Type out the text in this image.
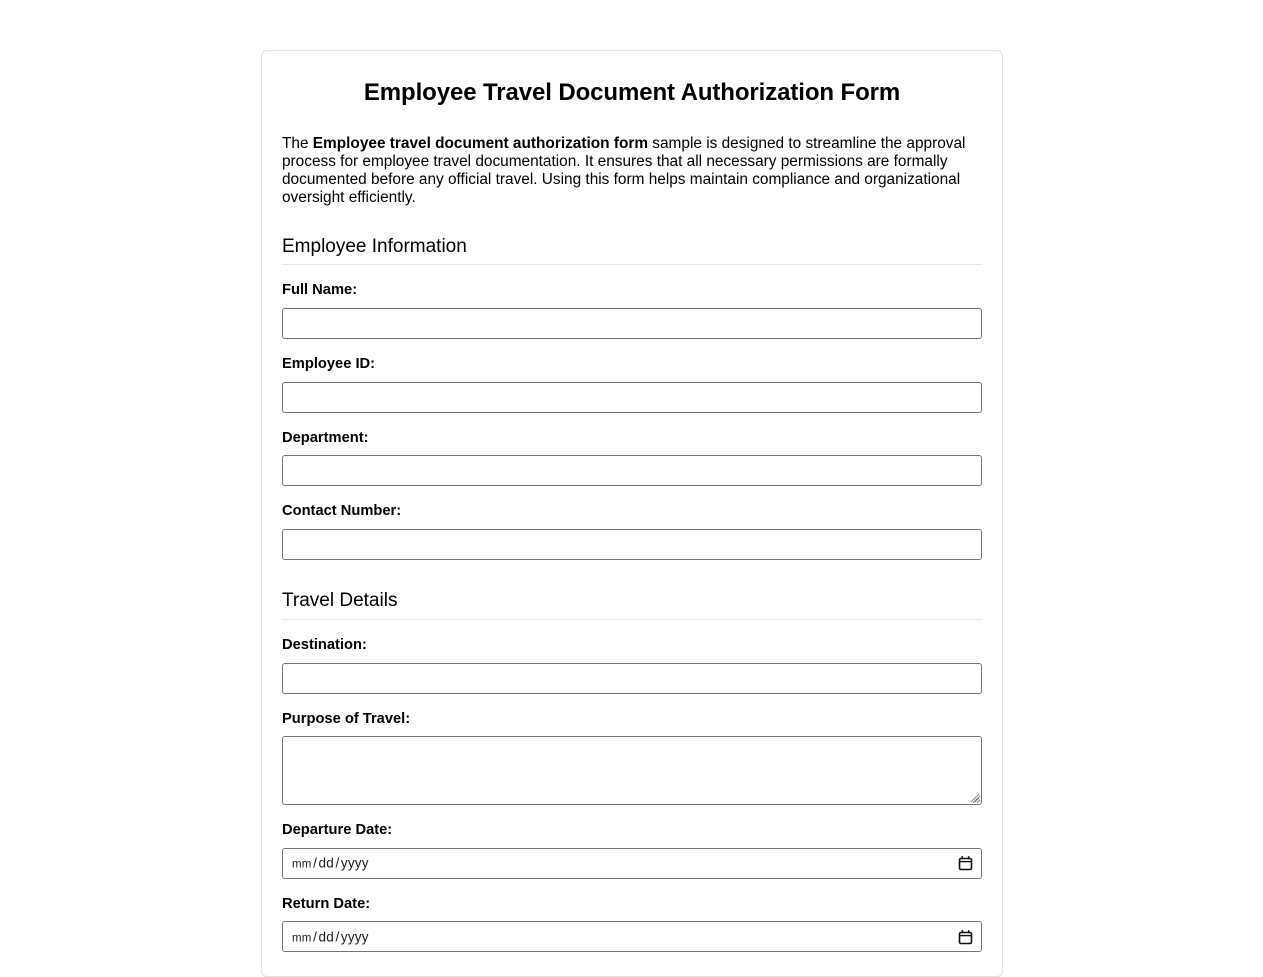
Employee Travel Document Authorization Form

The Employee travel document authorization form sample is designed to streamline the approval process for employee travel documentation. It ensures that all necessary permissions are formally documented before any official travel. Using this form helps maintain compliance and organizational oversight efficiently.

Employee Information
Full Name:
Employee ID:
Department:
Contact Number:
Travel Details
Destination:
Purpose of Travel:
Departure Date:
mm / dd / yyyy
Return Date:
mm / dd / yyyy
